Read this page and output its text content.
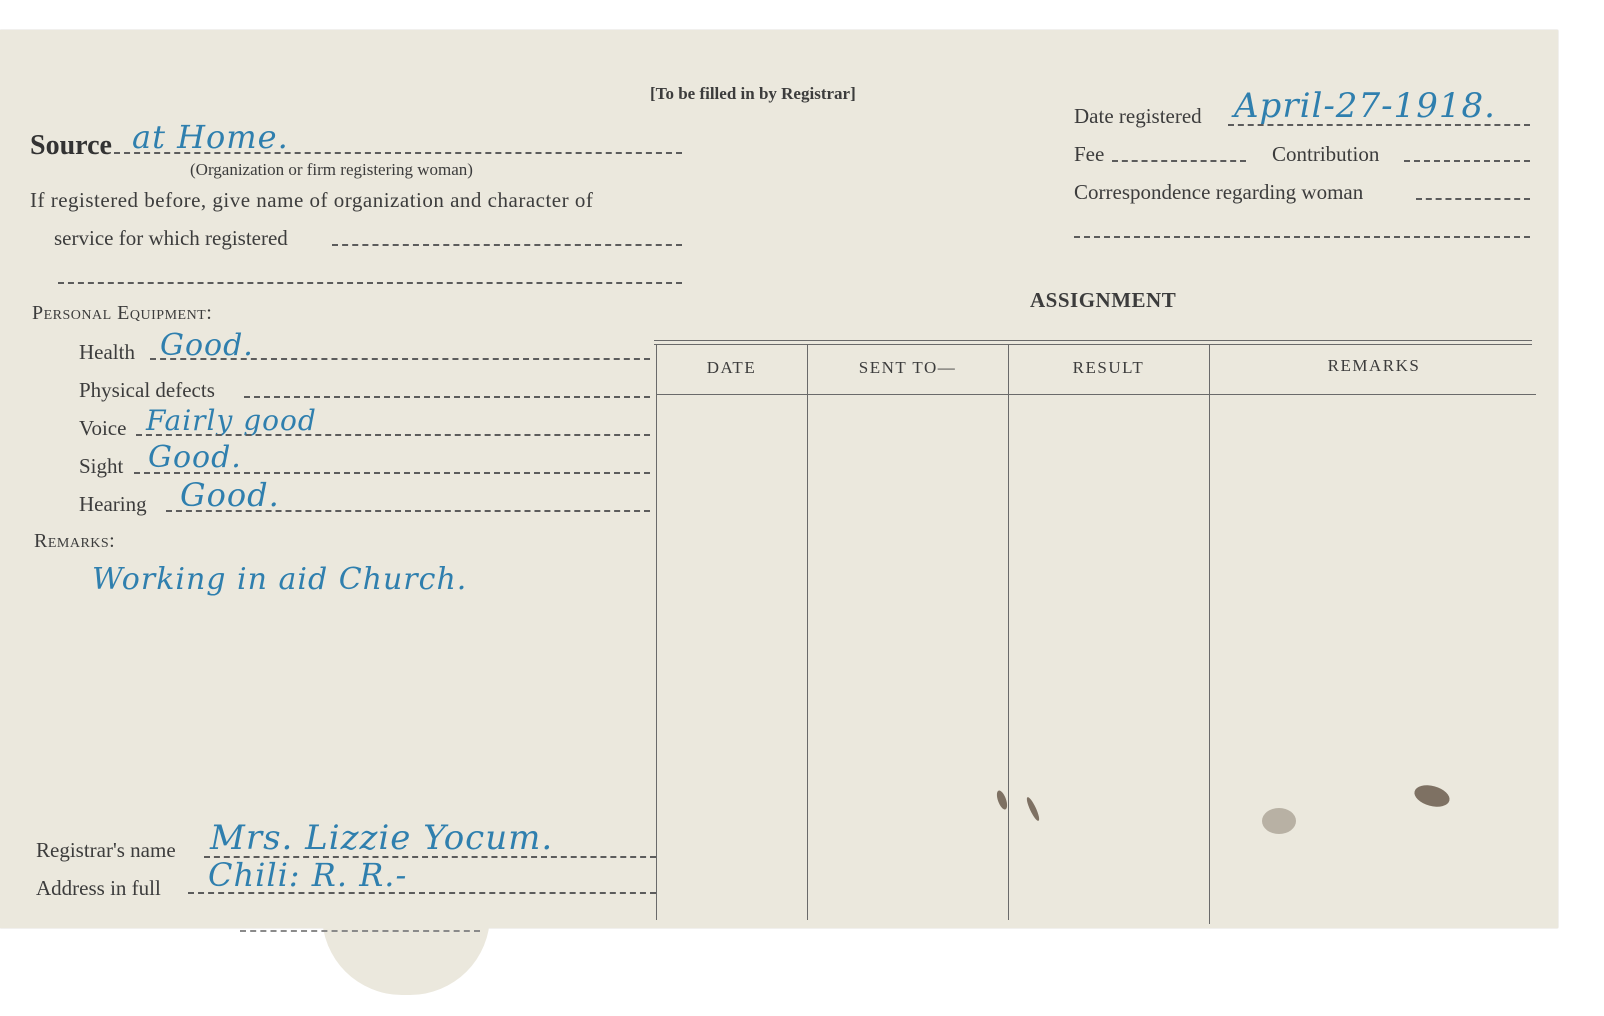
[To be filled in by Registrar]
Source at Home.
(Organization or firm registering woman)
If registered before, give name of organization and character of
service for which registered
Personal Equipment:
Health Good.
Physical defects
Voice Fairly good
Sight Good.
Hearing Good.
Remarks:
Working in aid Church.
Registrar's name Mrs. Lizzie Yocum.
Address in full Chili: R. R.-
Date registered April-27-1918.
Fee	Contribution
Correspondence regarding woman
ASSIGNMENT
DATE	SENT TO—	RESULT	REMARKS
